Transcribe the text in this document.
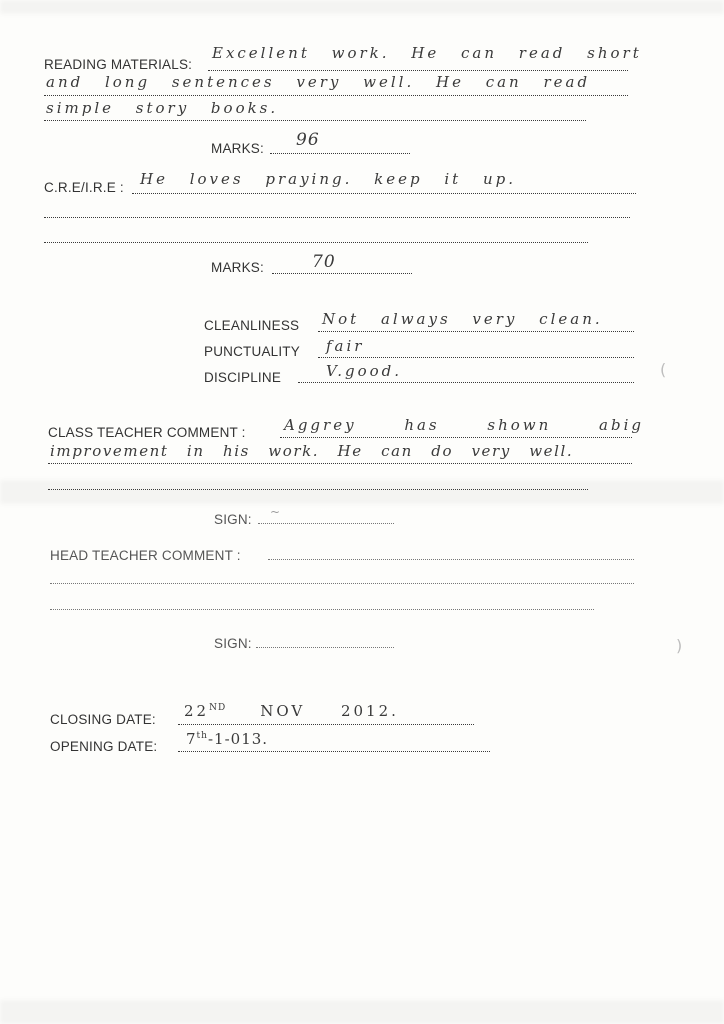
(
)
READING MATERIALS:
Excellent work. He can read short
and long sentences very well. He can read
simple story books.
MARKS: 96
C.R.E/I.R.E : He loves praying. keep it up.
MARKS:	70
CLEANLINESS Not always very clean.
PUNCTUALITY fair
DISCIPLINE	V.good.
CLASS TEACHER COMMENT :	Aggrey has shown abig
improvement in his work. He can do very well.
SIGN: ~
HEAD TEACHER COMMENT :
SIGN:
CLOSING DATE: 22ND NOV 2012.
OPENING DATE: 7th-1-013.
